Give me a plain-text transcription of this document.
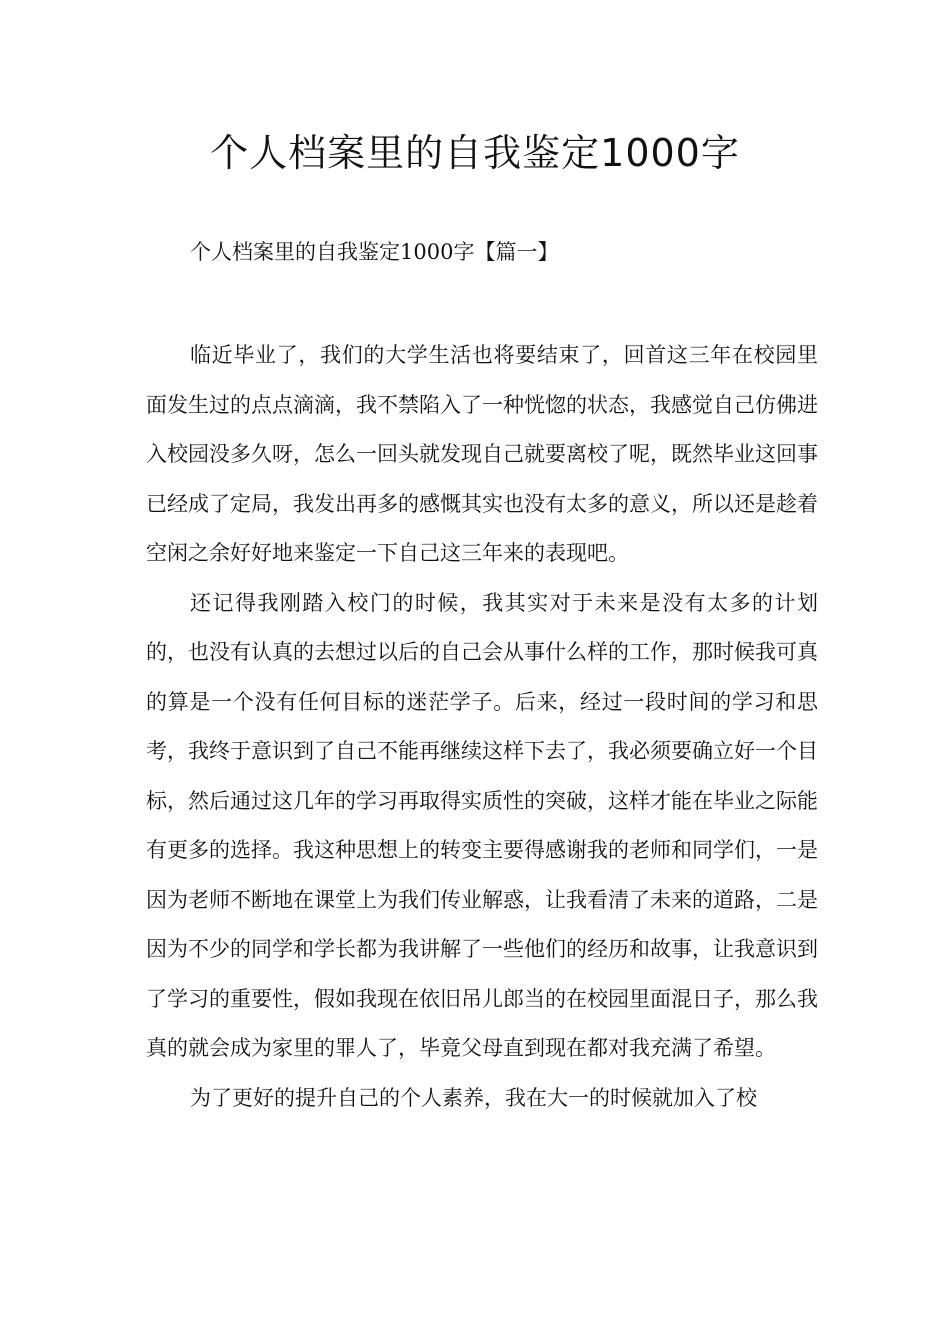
个人档案里的自我鉴定1000字
个人档案里的自我鉴定1000字【篇一】

临近毕业了，我们的大学生活也将要结束了，回首这三年在校园里面发生过的点点滴滴，我不禁陷入了一种恍惚的状态，我感觉自己仿佛进入校园没多久呀，怎么一回头就发现自己就要离校了呢，既然毕业这回事已经成了定局，我发出再多的感慨其实也没有太多的意义，所以还是趁着空闲之余好好地来鉴定一下自己这三年来的表现吧。

还记得我刚踏入校门的时候，我其实对于未来是没有太多的计划的，也没有认真的去想过以后的自己会从事什么样的工作，那时候我可真的算是一个没有任何目标的迷茫学子。后来，经过一段时间的学习和思考，我终于意识到了自己不能再继续这样下去了，我必须要确立好一个目标，然后通过这几年的学习再取得实质性的突破，这样才能在毕业之际能有更多的选择。我这种思想上的转变主要得感谢我的老师和同学们，一是因为老师不断地在课堂上为我们传业解惑，让我看清了未来的道路，二是因为不少的同学和学长都为我讲解了一些他们的经历和故事，让我意识到了学习的重要性，假如我现在依旧吊儿郎当的在校园里面混日子，那么我真的就会成为家里的罪人了，毕竟父母直到现在都对我充满了希望。

为了更好的提升自己的个人素养，我在大一的时候就加入了校
